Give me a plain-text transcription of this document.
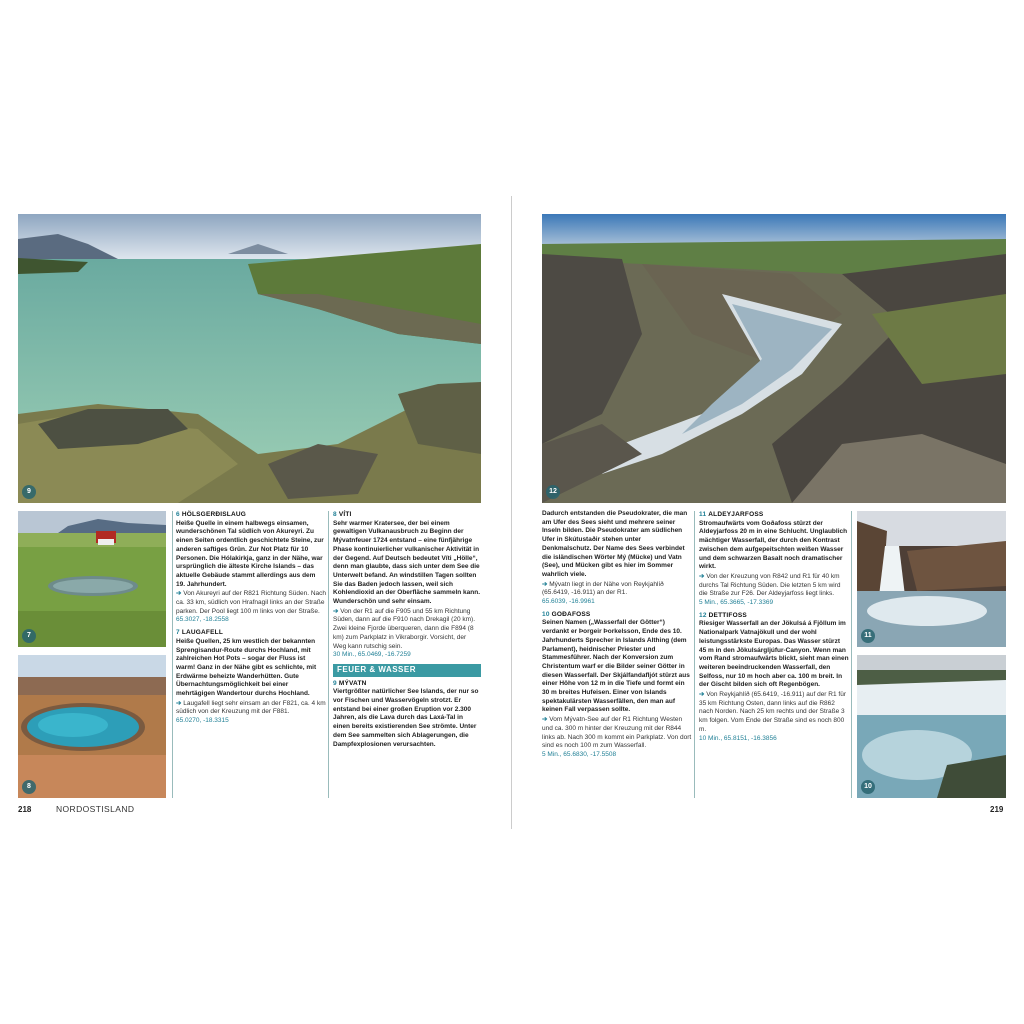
9
7
8
6 HÖLSGERÐISLAUG

Heiße Quelle in einem halbwegs einsamen, wunderschönen Tal südlich von Akureyri. Zu einen Seiten ordentlich geschichtete Steine, zur anderen saftiges Grün. Zur Not Platz für 10 Personen. Die Hólakirkja, ganz in der Nähe, war ursprünglich die älteste Kirche Islands – das aktuelle Gebäude stammt allerdings aus dem 19. Jahrhundert.

➔ Von Akureyri auf der R821 Richtung Süden. Nach ca. 33 km, südlich von Hrafnagil links an der Straße parken. Der Pool liegt 100 m links von der Straße.

65.3027, -18.2558

7 LAUGAFELL

Heiße Quellen, 25 km westlich der bekannten Sprengisandur-Route durchs Hochland, mit zahlreichen Hot Pots – sogar der Fluss ist warm! Ganz in der Nähe gibt es schlichte, mit Erdwärme beheizte Wanderhütten. Gute Übernachtungsmöglichkeit bei einer mehrtägigen Wandertour durchs Hochland.

➔ Laugafell liegt sehr einsam an der F821, ca. 4 km südlich von der Kreuzung mit der F881.

65.0270, -18.3315

8 VÍTI

Sehr warmer Kratersee, der bei einem gewaltigen Vulkanausbruch zu Beginn der Mývatnfeuer 1724 entstand – eine fünfjährige Phase kontinuierlicher vulkanischer Aktivität in der Gegend. Auf Deutsch bedeutet Víti „Hölle“, denn man glaubte, dass sich unter dem See die Unterwelt befand. An windstillen Tagen sollten Sie das Baden jedoch lassen, weil sich Kohlendioxid an der Oberfläche sammeln kann. Wunderschön und sehr einsam.

➔ Von der R1 auf die F905 und 55 km Richtung Süden, dann auf die F910 nach Drekagil (20 km). Zwei kleine Fjorde überqueren, dann die F894 (8 km) zum Parkplatz in Vikraborgir. Vorsicht, der Weg kann rutschig sein.

30 Min., 65.0469, -16.7259

FEUER & WASSER
9 MÝVATN

Viertgrößter natürlicher See Islands, der nur so vor Fischen und Wasservögeln strotzt. Er entstand bei einer großen Eruption vor 2.300 Jahren, als die Lava durch das Laxá-Tal in einen bereits existierenden See strömte. Unter dem See sammelten sich Ablagerungen, die Dampfexplosionen verursachten.

218	NORDOSTISLAND
12
11
10

Dadurch entstanden die Pseudokrater, die man am Ufer des Sees sieht und mehrere seiner Inseln bilden. Die Pseudokrater am südlichen Ufer in Skútustaðir stehen unter Denkmalschutz. Der Name des Sees verbindet die isländischen Wörter Mý (Mücke) und Vatn (See), und Mücken gibt es hier im Sommer wahrlich viele.

➔ Mývatn liegt in der Nähe von Reykjahlíð (65.6419, -16.911) an der R1.

65.6039, -16.9961

10 GOÐAFOSS

Seinen Namen („Wasserfall der Götter“) verdankt er Þorgeir Þorkelsson, Ende des 10. Jahrhunderts Sprecher in Islands Althing (dem Parlament), heidnischer Priester und Stammesführer. Nach der Konversion zum Christentum warf er die Bilder seiner Götter in diesen Wasserfall. Der Skjálfandafljót stürzt aus einer Höhe von 12 m in die Tiefe und formt ein 30 m breites Hufeisen. Einer von Islands spektakulärsten Wasserfällen, den man auf keinen Fall verpassen sollte.

➔ Vom Mývatn-See auf der R1 Richtung Westen und ca. 300 m hinter der Kreuzung mit der R844 links ab. Nach 300 m kommt ein Parkplatz. Von dort sind es noch 100 m zum Wasserfall.

5 Min., 65.6830, -17.5508

11 ALDEYJARFOSS

Stromaufwärts vom Goðafoss stürzt der Aldeyjarfoss 20 m in eine Schlucht. Unglaublich mächtiger Wasserfall, der durch den Kontrast zwischen dem aufgepeitschten weißen Wasser und dem schwarzen Basalt noch dramatischer wirkt.

➔ Von der Kreuzung von R842 und R1 für 40 km durchs Tal Richtung Süden. Die letzten 5 km wird die Straße zur F26. Der Aldeyjarfoss liegt links.

5 Min., 65.3665, -17.3369

12 DETTIFOSS

Riesiger Wasserfall an der Jökulsá á Fjöllum im Nationalpark Vatnajökull und der wohl leistungsstärkste Europas. Das Wasser stürzt 45 m in den Jökulsárgljúfur-Canyon. Wenn man vom Rand stromaufwärts blickt, sieht man einen weiteren beeindruckenden Wasserfall, den Selfoss, nur 10 m hoch aber ca. 100 m breit. In der Gischt bilden sich oft Regenbögen.

➔ Von Reykjahlíð (65.6419, -16.911) auf der R1 für 35 km Richtung Osten, dann links auf die R862 nach Norden. Nach 25 km rechts und der Straße 3 km folgen. Vom Ende der Straße sind es noch 800 m.

10 Min., 65.8151, -16.3856

219
